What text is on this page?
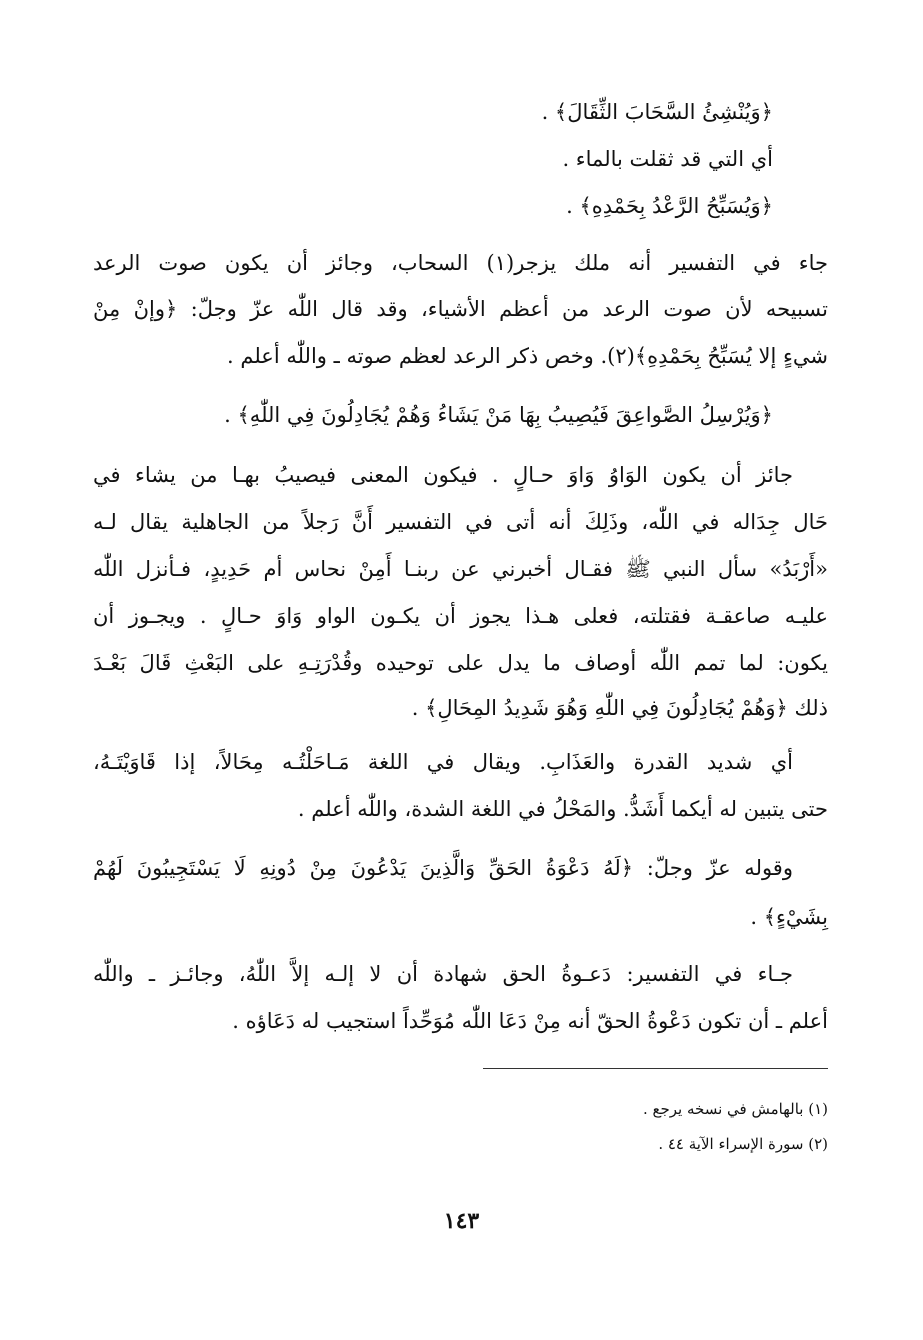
﴿وَيُنْشِئُ السَّحَابَ الثِّقَالَ﴾ .
أي التي قد ثقلت بالماء .
﴿وَيُسَبِّحُ الرَّعْدُ بِحَمْدِهِ﴾ .
جاء في التفسير أنه ملك يزجر(١) السحاب، وجائز أن يكون صوت الرعد
تسبيحه لأن صوت الرعد من أعظم الأشياء، وقد قال اللّٰه عزّ وجلّ: ﴿وإنْ مِنْ
شيءٍ إلا يُسَبِّحُ بِحَمْدِهِ﴾(٢). وخص ذكر الرعد لعظم صوته ـ واللّٰه أعلم .
﴿وَيُرْسِلُ الصَّواعِقَ فَيُصِيبُ بِهَا مَنْ يَشَاءُ وَهُمْ يُجَادِلُونَ فِي اللّٰهِ﴾ .
جائز أن يكون الوَاوُ وَاوَ حـالٍ . فيكون المعنى فيصيبُ بهـا من يشاء في
حَال جِدَاله في اللّٰه، وذَلِكَ أنه أتى في التفسير أَنَّ رَجلاً من الجاهلية يقال لـه
«أَرْبَدُ» سأل النبي ﷺ فقـال أخبرني عن ربنـا أَمِنْ نحاس أم حَدِيدٍ، فـأنزل اللّٰه
عليـه صاعقـة فقتلته، فعلى هـذا يجوز أن يكـون الواو وَاوَ حـالٍ . ويجـوز أن
يكون: لما تمم اللّٰه أوصاف ما يدل على توحيده وقُدْرَتِـهِ على البَعْثِ قَالَ بَعْـدَ
ذلك ﴿وَهُمْ يُجَادِلُونَ فِي اللّٰهِ وَهُوَ شَدِيدُ المِحَالِ﴾ .
أي شديد القدرة والعَذَابِ. ويقال في اللغة مَـاحَلْتُـه مِحَالاً، إذا قَاوَيْتَـهُ،
حتى يتبين له أيكما أَشَدُّ. والمَحْلُ في اللغة الشدة، واللّٰه أعلم .
وقوله عزّ وجلّ: ﴿لَهُ دَعْوَةُ الحَقِّ وَالَّذِينَ يَدْعُونَ مِنْ دُونِهِ لَا يَسْتَجِيبُونَ لَهُمْ
بِشَيْءٍ﴾ .
جـاء في التفسير: دَعـوةُ الحق شهادة أن لا إلـه إلاَّ اللّٰهُ، وجائـز ـ واللّٰه
أعلم ـ أن تكون دَعْوةُ الحقّ أنه مِنْ دَعَا اللّٰه مُوَحِّداً استجيب له دَعَاؤه .
(١) بالهامش في نسخه يرجع .
(٢) سورة الإسراء الآية ٤٤ .
١٤٣
